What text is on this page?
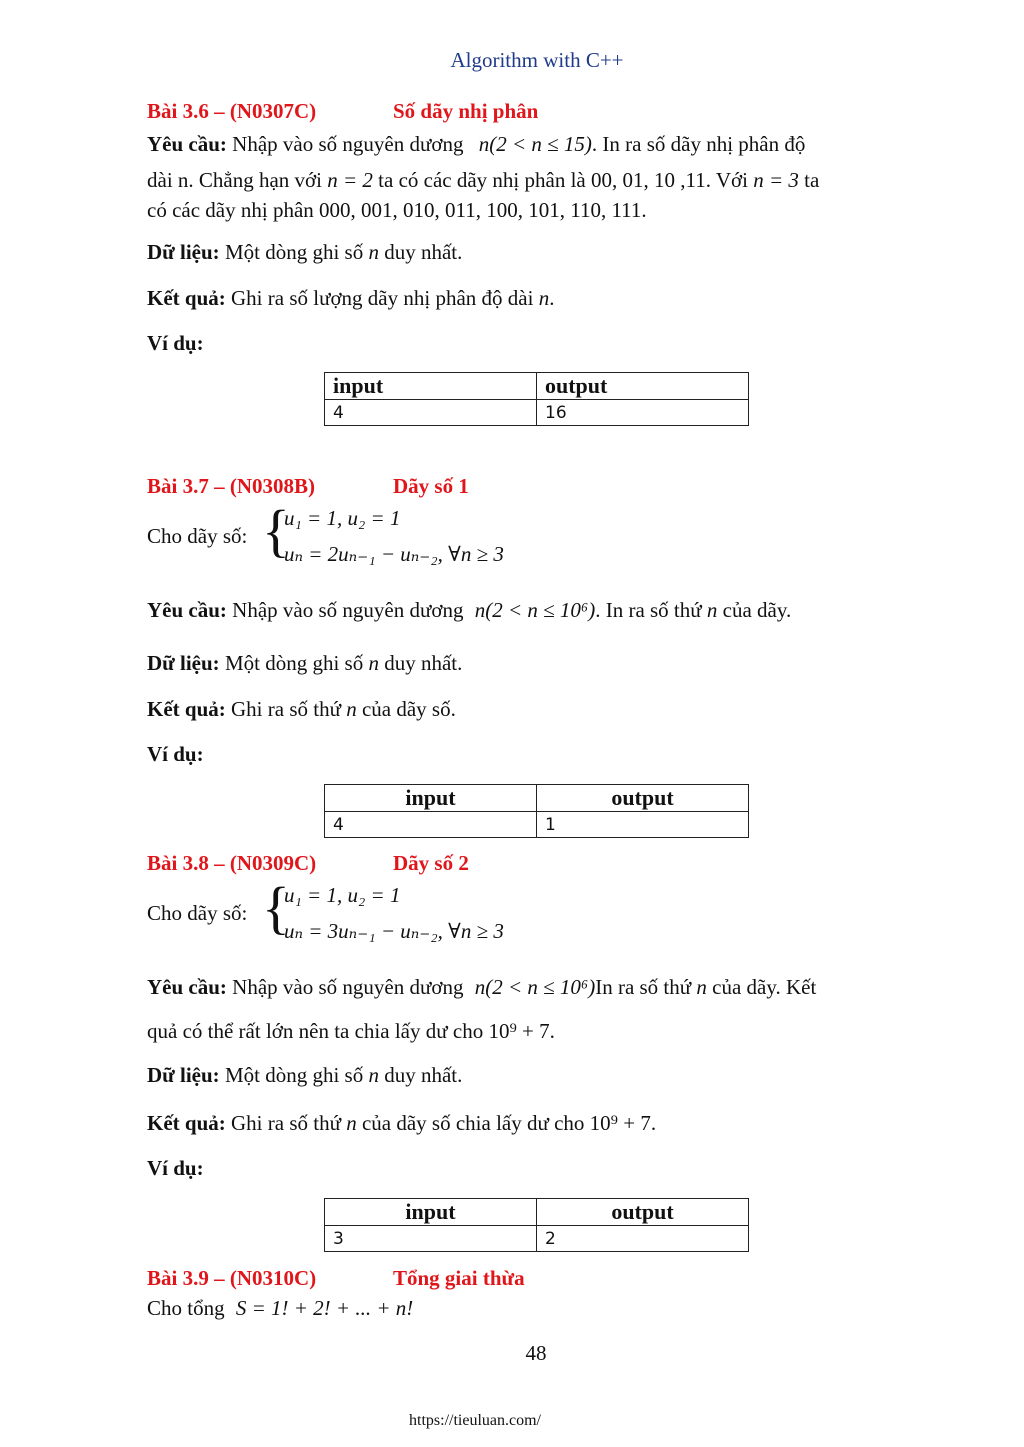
Algorithm with C++
Bài 3.6 – (N0307C)	Số dãy nhị phân
Yêu cầu: Nhập vào số nguyên dương n(2 < n ≤ 15). In ra số dãy nhị phân độ
dài n. Chẳng hạn với n = 2 ta có các dãy nhị phân là 00, 01, 10 ,11. Với n = 3 ta
có các dãy nhị phân 000, 001, 010, 011, 100, 101, 110, 111.
Dữ liệu: Một dòng ghi số n duy nhất.
Kết quả: Ghi ra số lượng dãy nhị phân độ dài n.
Ví dụ:
input	output
4	16
Bài 3.7 – (N0308B)	Dãy số 1
Cho dãy số: {
u₁ = 1, u₂ = 1
uₙ = 2uₙ₋₁ − uₙ₋₂, ∀n ≥ 3
Yêu cầu: Nhập vào số nguyên dương n(2 < n ≤ 10⁶). In ra số thứ n của dãy.
Dữ liệu: Một dòng ghi số n duy nhất.
Kết quả: Ghi ra số thứ n của dãy số.
Ví dụ:
input	output
4	1
Bài 3.8 – (N0309C)	Dãy số 2
Cho dãy số: {
u₁ = 1, u₂ = 1
uₙ = 3uₙ₋₁ − uₙ₋₂, ∀n ≥ 3
Yêu cầu: Nhập vào số nguyên dương n(2 < n ≤ 10⁶)In ra số thứ n của dãy. Kết
quả có thể rất lớn nên ta chia lấy dư cho 10⁹ + 7.
Dữ liệu: Một dòng ghi số n duy nhất.
Kết quả: Ghi ra số thứ n của dãy số chia lấy dư cho 10⁹ + 7.
Ví dụ:
input	output
3	2
Bài 3.9 – (N0310C)	Tổng giai thừa
Cho tổng S = 1! + 2! + ... + n!
48
https://tieuluan.com/
